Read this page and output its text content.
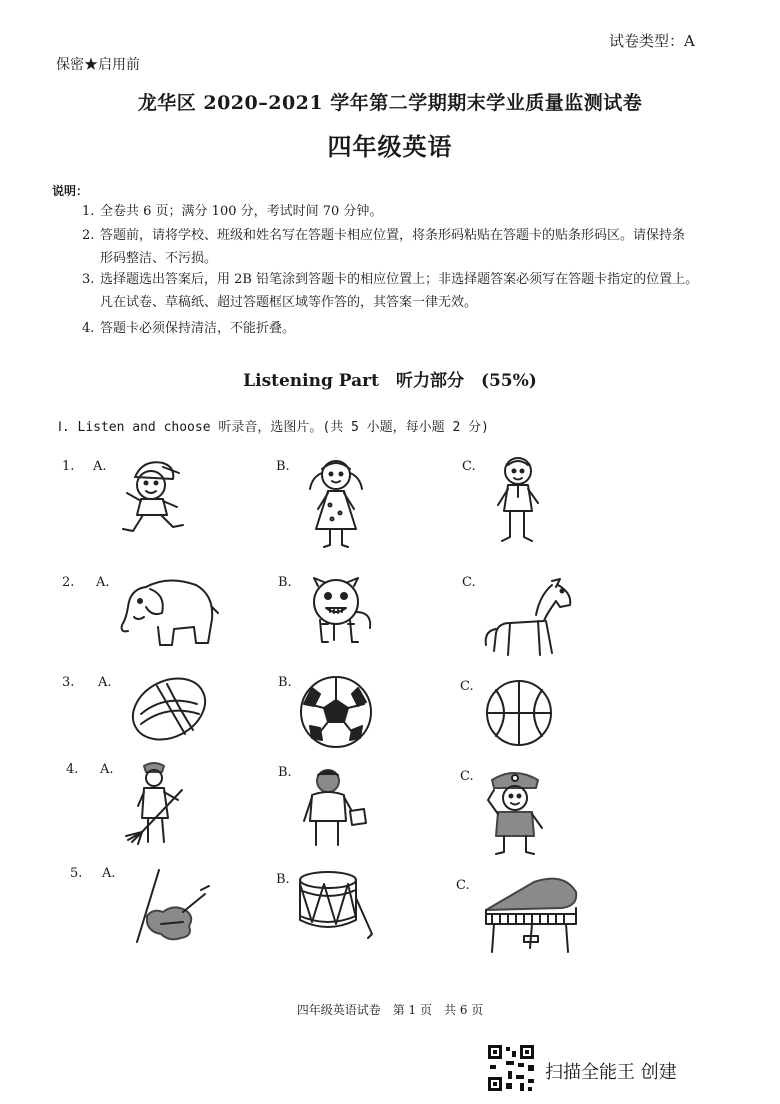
试卷类型：A
保密★启用前
龙华区 2020–2021 学年第二学期期末学业质量监测试卷
四年级英语
说明：
1. 全卷共 6 页；满分 100 分，考试时间 70 分钟。
2. 答题前，请将学校、班级和姓名写在答题卡相应位置，将条形码粘贴在答题卡的贴条形码区。请保持条
形码整洁、不污损。
3. 选择题选出答案后，用 2B 铅笔涂到答题卡的相应位置上；非选择题答案必须写在答题卡指定的位置上。
凡在试卷、草稿纸、超过答题框区域等作答的，其答案一律无效。
4. 答题卡必须保持清洁，不能折叠。
Listening Part　听力部分　(55%)
Ⅰ. Listen and choose 听录音，选图片。(共 5 小题，每小题 2 分)
1. A.	B.	C.
2. A.	B.	C.
3. A.	B.	C.
4. A.	B.	C.
5. A.	B.	C.
四年级英语试卷　第 1 页　共 6 页
扫描全能王 创建
